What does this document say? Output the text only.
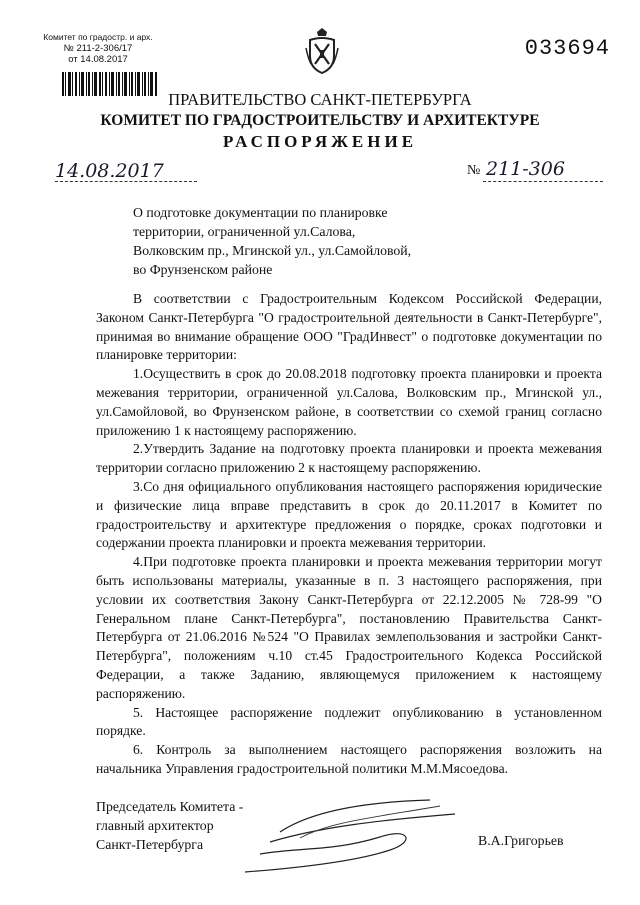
Комитет по градостр. и арх.
№ 211-2-306/17
от 14.08.2017	033694
ПРАВИТЕЛЬСТВО САНКТ-ПЕТЕРБУРГА
КОМИТЕТ ПО ГРАДОСТРОИТЕЛЬСТВУ И АРХИТЕКТУРЕ
РАСПОРЯЖЕНИЕ
14.08.2017	№ 211-306
О подготовке документации по планировке
территории, ограниченной ул.Салова,
Волковским пр., Мгинской ул., ул.Самойловой,
во Фрунзенском районе

В соответствии с Градостроительным Кодексом Российской Федерации, Законом Санкт-Петербурга "О градостроительной деятельности в Санкт-Петербурге", принимая во внимание обращение ООО "ГрадИнвест" о подготовке документации по планировке территории:

1.Осуществить в срок до 20.08.2018 подготовку проекта планировки и проекта межевания территории, ограниченной ул.Салова, Волковским пр., Мгинской ул., ул.Самойловой, во Фрунзенском районе, в соответствии со схемой границ согласно приложению 1 к настоящему распоряжению.

2.Утвердить Задание на подготовку проекта планировки и проекта межевания территории согласно приложению 2 к настоящему распоряжению.

3.Со дня официального опубликования настоящего распоряжения юридические и физические лица вправе представить в срок до 20.11.2017 в Комитет по градостроительству и архитектуре предложения о порядке, сроках подготовки и содержании проекта планировки и проекта межевания территории.

4.При подготовке проекта планировки и проекта межевания территории могут быть использованы материалы, указанные в п. 3 настоящего распоряжения, при условии их соответствия Закону Санкт-Петербурга от 22.12.2005 № 728-99 "О Генеральном плане Санкт-Петербурга", постановлению Правительства Санкт-Петербурга от 21.06.2016 №524 "О Правилах землепользования и застройки Санкт-Петербурга", положениям ч.10 ст.45 Градостроительного Кодекса Российской Федерации, а также Заданию, являющемуся приложением к настоящему распоряжению.

5. Настоящее распоряжение подлежит опубликованию в установленном порядке.

6. Контроль за выполнением настоящего распоряжения возложить на начальника Управления градостроительной политики М.М.Мясоедова.

Председатель Комитета -
главный архитектор
Санкт-Петербурга	В.А.Григорьев
